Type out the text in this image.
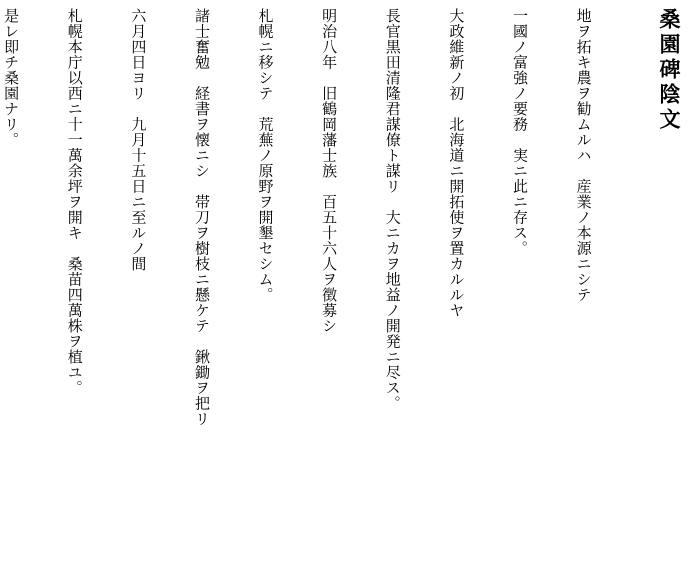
桑園碑陰文

地ヲ拓キ農ヲ勧ムルハ　産業ノ本源ニシテ

一國ノ富強ノ要務　実ニ此ニ存ス。

大政維新ノ初　北海道ニ開拓使ヲ置カルルヤ

長官黒田清隆君謀僚ト謀リ　大ニカヲ地益ノ開発ニ尽ス。

明治八年　旧鶴岡藩士族　百五十六人ヲ徴募シ

札幌ニ移シテ　荒蕪ノ原野ヲ開墾セシム。

諸士奮勉　経書ヲ懐ニシ　帯刀ヲ樹枝ニ懸ケテ　鍬鋤ヲ把リ

六月四日ヨリ　九月十五日ニ至ルノ間

札幌本庁以西ニ十一萬余坪ヲ開キ　桑苗四萬株ヲ植ユ。

是レ即チ桑園ナリ。
